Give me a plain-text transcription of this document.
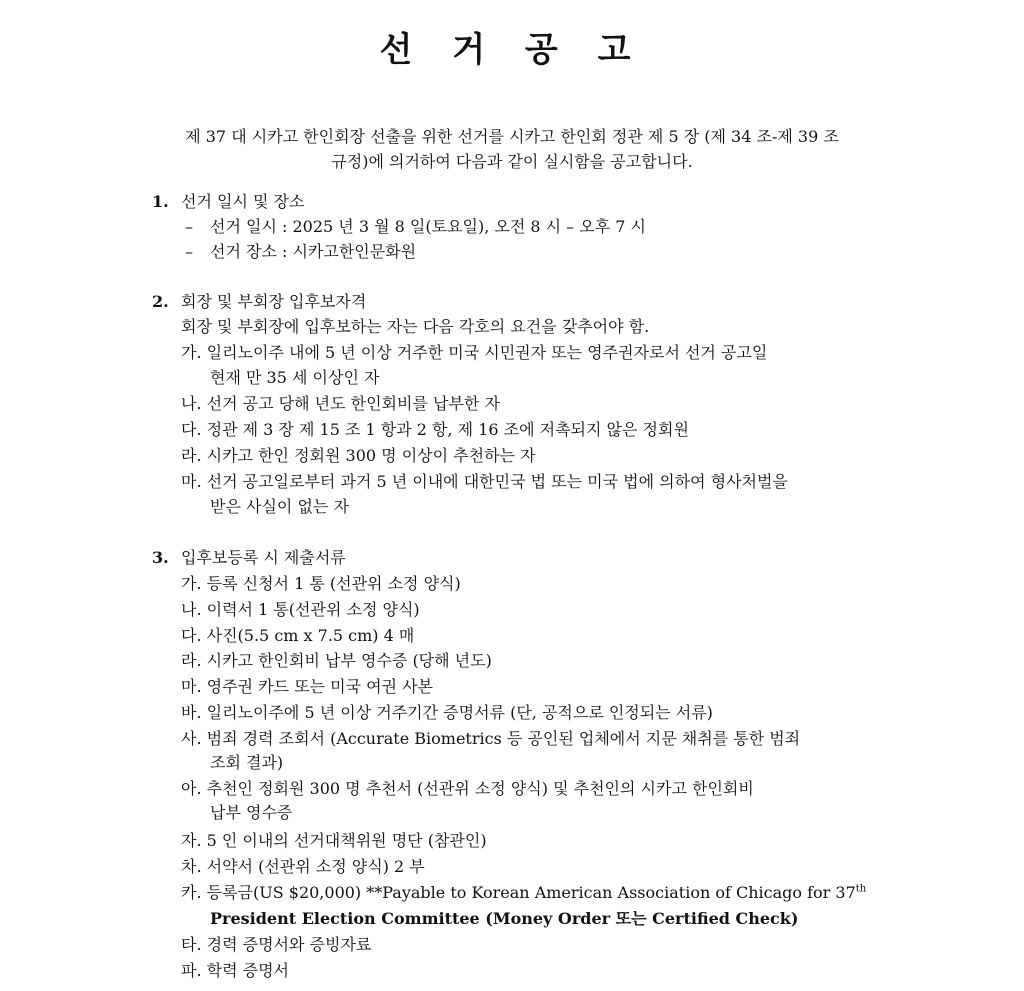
선 거 공 고
제 37 대 시카고 한인회장 선출을 위한 선거를 시카고 한인회 정관 제 5 장 (제 34 조-제 39 조
규정)에 의거하여 다음과 같이 실시함을 공고합니다.
1. 선거 일시 및 장소
– 선거 일시 : 2025 년 3 월 8 일(토요일), 오전 8 시 – 오후 7 시
– 선거 장소 : 시카고한인문화원
2. 회장 및 부회장 입후보자격
회장 및 부회장에 입후보하는 자는 다음 각호의 요건을 갖추어야 함.
가. 일리노이주 내에 5 년 이상 거주한 미국 시민권자 또는 영주권자로서 선거 공고일
현재 만 35 세 이상인 자
나. 선거 공고 당해 년도 한인회비를 납부한 자
다. 정관 제 3 장 제 15 조 1 항과 2 항, 제 16 조에 저촉되지 않은 정회원
라. 시카고 한인 정회원 300 명 이상이 추천하는 자
마. 선거 공고일로부터 과거 5 년 이내에 대한민국 법 또는 미국 법에 의하여 형사처벌을
받은 사실이 없는 자
3. 입후보등록 시 제출서류
가. 등록 신청서 1 통 (선관위 소정 양식)
나. 이력서 1 통(선관위 소정 양식)
다. 사진(5.5 cm x 7.5 cm) 4 매
라. 시카고 한인회비 납부 영수증 (당해 년도)
마. 영주권 카드 또는 미국 여권 사본
바. 일리노이주에 5 년 이상 거주기간 증명서류 (단, 공적으로 인정되는 서류)
사. 범죄 경력 조회서 (Accurate Biometrics 등 공인된 업체에서 지문 채취를 통한 범죄
조회 결과)
아. 추천인 정회원 300 명 추천서 (선관위 소정 양식) 및 추천인의 시카고 한인회비
납부 영수증
자. 5 인 이내의 선거대책위원 명단 (참관인)
차. 서약서 (선관위 소정 양식) 2 부
카. 등록금(US $20,000) **Payable to Korean American Association of Chicago for 37th
President Election Committee (Money Order 또는 Certified Check)
타. 경력 증명서와 증빙자료
파. 학력 증명서
